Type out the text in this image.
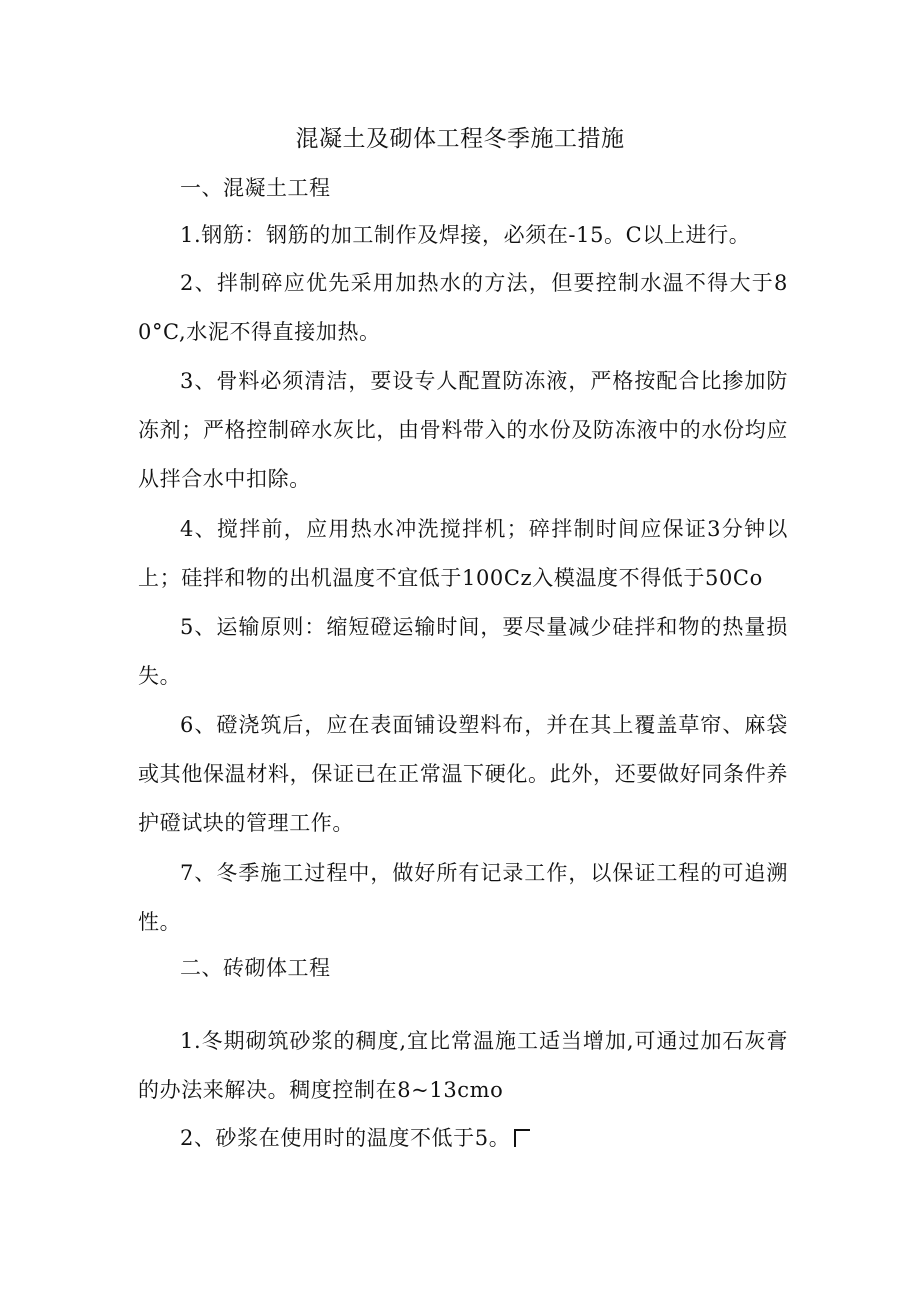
混凝土及砌体工程冬季施工措施
一、混凝土工程
1.钢筋：钢筋的加工制作及焊接，必须在-15。C以上进行。
2、拌制碎应优先采用加热水的方法，但要控制水温不得大于80°C,水泥不得直接加热。
3、骨料必须清洁，要设专人配置防冻液，严格按配合比掺加防冻剂；严格控制碎水灰比，由骨料带入的水份及防冻液中的水份均应从拌合水中扣除。
4、搅拌前，应用热水冲洗搅拌机；碎拌制时间应保证3分钟以上；硅拌和物的出机温度不宜低于100Cz入模温度不得低于50Co
5、运输原则：缩短磴运输时间，要尽量减少硅拌和物的热量损失。
6、磴浇筑后，应在表面铺设塑料布，并在其上覆盖草帘、麻袋或其他保温材料，保证已在正常温下硬化。此外，还要做好同条件养护磴试块的管理工作。
7、冬季施工过程中，做好所有记录工作，以保证工程的可追溯性。
二、砖砌体工程
1.冬期砌筑砂浆的稠度,宜比常温施工适当增加,可通过加石灰膏的办法来解决。稠度控制在8~13cmo
2、砂浆在使用时的温度不低于5。
